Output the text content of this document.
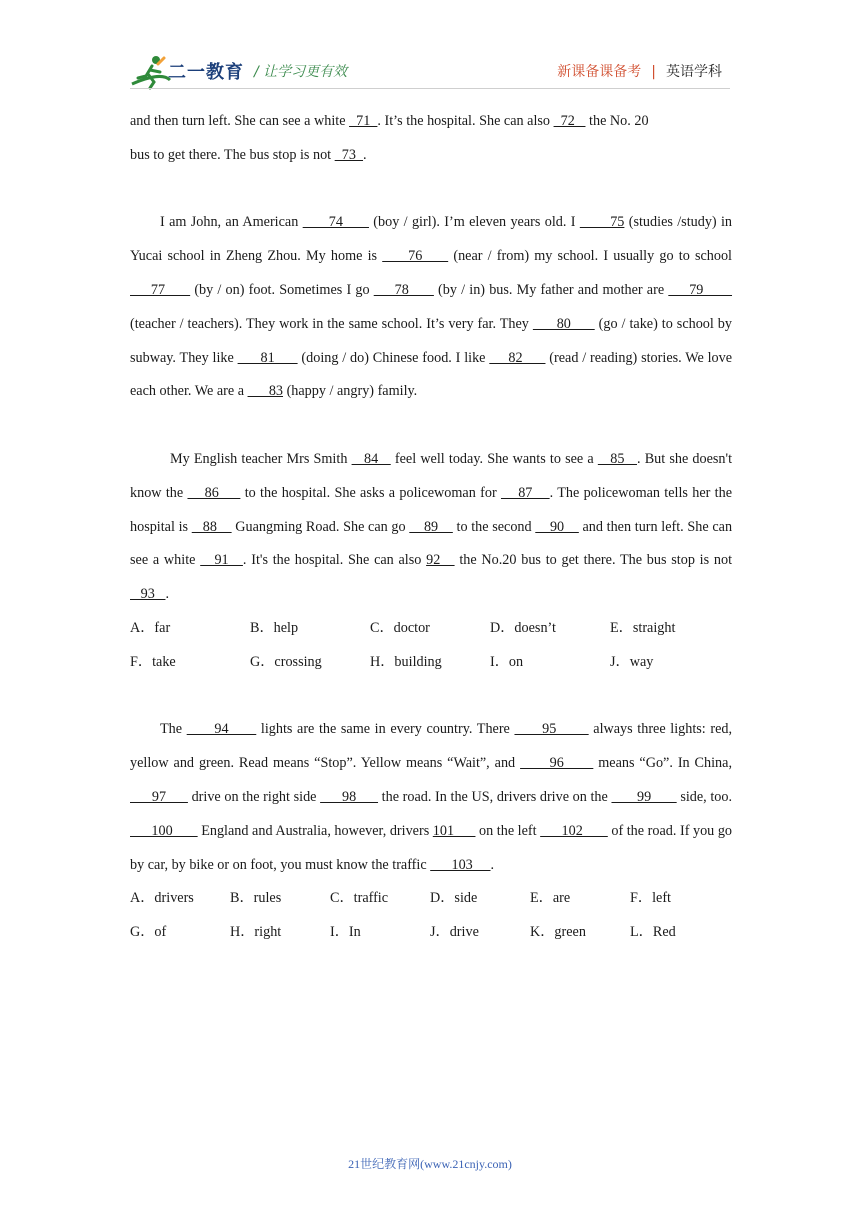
二一教育 / 让学习更有效	新课备课备考 | 英语学科

and then turn left. She can see a white   71  . It’s the hospital. She can also   72    the No. 20
bus to get there. The bus stop is not   73  .

I am John, an American       74       (boy / girl). I’m eleven years old. I        75 (studies /study) in Yucai school in Zheng Zhou. My home is      76      (near / from) my school. I usually go to school      77       (by / on) foot. Sometimes I go      78       (by / in) bus. My father and mother are      79        (teacher / teachers). They work in the same school. It’s very far. They       80       (go / take) to school by subway. They like       81       (doing / do) Chinese food. I like      82       (read / reading) stories. We love each other. We are a       83 (happy / angry) family.

My English teacher Mrs Smith    84    feel well today. She wants to see a    85   . But she doesn't know the     86      to the hospital. She asks a policewoman for     87    . The policewoman tells her the hospital is    88     Guangming Road. She can go     89     to the second     90     and then turn left. She can see a white    91   . It's the hospital. She can also 92    the No.20 bus to get there. The bus stop is not    93   .

A．far	B．help	C．doctor	D．doesn’t	E．straight
F．take	G．crossing	H．building	I．on	J．way

The       94       lights are the same in every country. There       95        always three lights: red, yellow and green. Read means “Stop”. Yellow means “Wait”, and       96       means “Go”. In China,       97       drive on the right side       98       the road. In the US, drivers drive on the        99        side, too.       100        England and Australia, however, drivers 101       on the left       102        of the road. If you go by car, by bike or on foot, you must know the traffic       103     .

A．drivers	B．rules	C．traffic	D．side	E．are	F．left
G．of	H．right	I．In	J．drive	K．green	L．Red
21世纪教育网(www.21cnjy.com)
